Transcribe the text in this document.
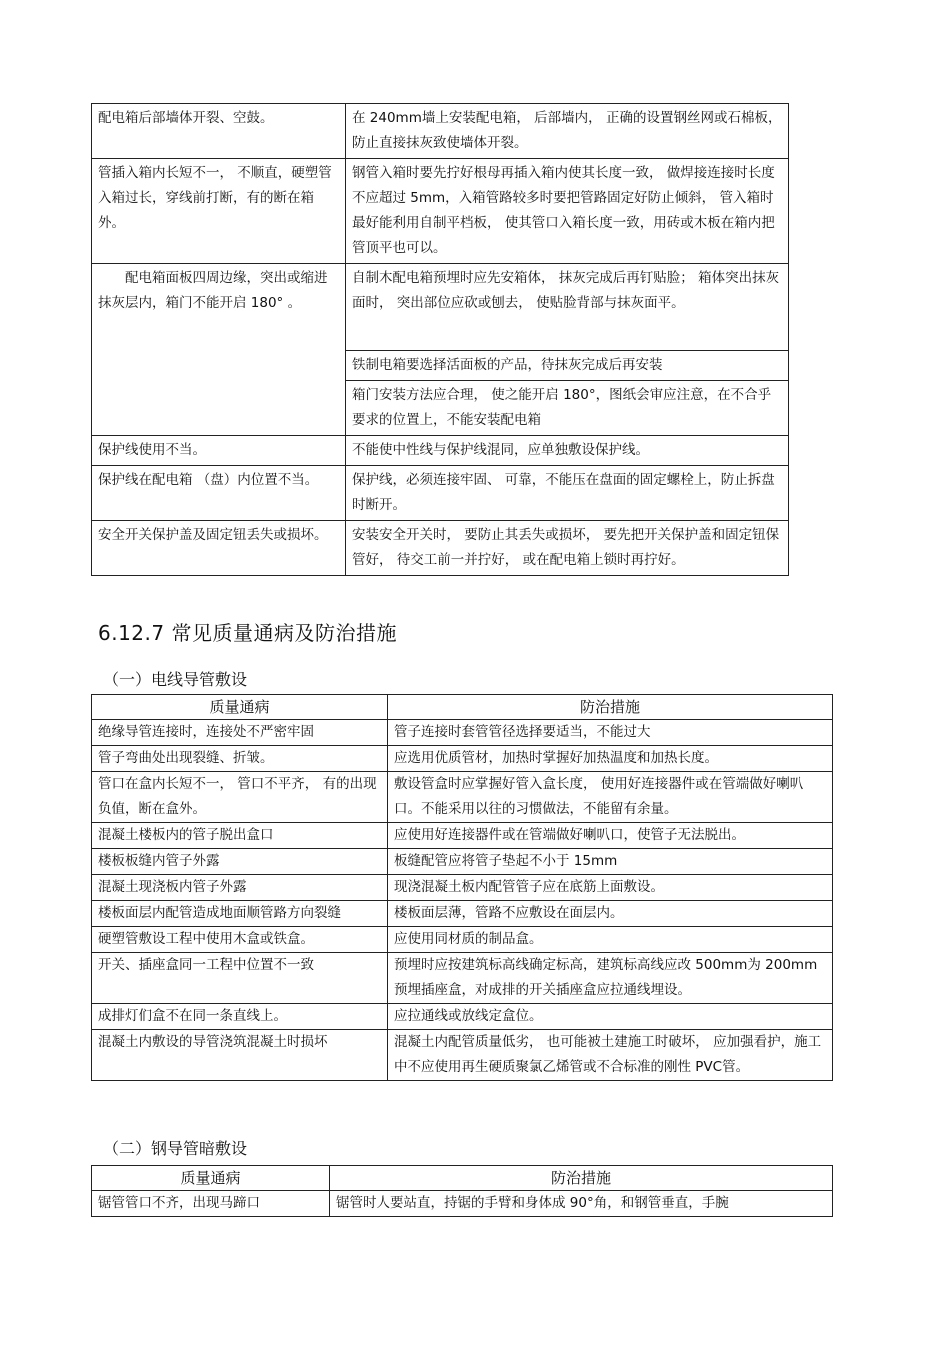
配电箱后部墙体开裂、空鼓。	在 240mm墙上安装配电箱， 后部墙内， 正确的设置钢丝网或石棉板，防止直接抹灰致使墙体开裂。
管插入箱内长短不一， 不顺直，硬塑管入箱过长，穿线前打断，有的断在箱外。	钢管入箱时要先拧好根母再插入箱内使其长度一致， 做焊接连接时长度不应超过 5mm，入箱管路较多时要把管路固定好防止倾斜， 管入箱时最好能利用自制平档板， 使其管口入箱长度一致，用砖或木板在箱内把管顶平也可以。
配电箱面板四周边缘，突出或缩进抹灰层内，箱门不能开启 180° 。	自制木配电箱预埋时应先安箱体， 抹灰完成后再钉贴脸； 箱体突出抹灰面时， 突出部位应砍或刨去， 使贴脸背部与抹灰面平。
	铁制电箱要选择活面板的产品，待抹灰完成后再安装
	箱门安装方法应合理， 使之能开启 180°，图纸会审应注意，在不合乎要求的位置上，不能安装配电箱
保护线使用不当。	不能使中性线与保护线混同，应单独敷设保护线。
保护线在配电箱 （盘）内位置不当。	保护线，必须连接牢固、 可靠，不能压在盘面的固定螺栓上，防止拆盘时断开。
安全开关保护盖及固定钮丢失或损坏。	安装安全开关时， 要防止其丢失或损坏， 要先把开关保护盖和固定钮保管好， 待交工前一并拧好， 或在配电箱上锁时再拧好。
6.12.7 常见质量通病及防治措施
（一）电线导管敷设
质量通病	防治措施
绝缘导管连接时，连接处不严密牢固	管子连接时套管管径选择要适当，不能过大
管子弯曲处出现裂缝、折皱。	应选用优质管材，加热时掌握好加热温度和加热长度。
管口在盒内长短不一， 管口不平齐， 有的出现负值，断在盒外。	敷设管盒时应掌握好管入盒长度， 使用好连接器件或在管端做好喇叭口。不能采用以往的习惯做法，不能留有余量。
混凝土楼板内的管子脱出盒口	应使用好连接器件或在管端做好喇叭口，使管子无法脱出。
楼板板缝内管子外露	板缝配管应将管子垫起不小于 15mm
混凝土现浇板内管子外露	现浇混凝土板内配管管子应在底筋上面敷设。
楼板面层内配管造成地面顺管路方向裂缝	楼板面层薄，管路不应敷设在面层内。
硬塑管敷设工程中使用木盒或铁盒。	应使用同材质的制品盒。
开关、插座盒同一工程中位置不一致	预埋时应按建筑标高线确定标高，建筑标高线应改 500mm为 200mm预埋插座盒，对成排的开关插座盒应拉通线埋设。
成排灯们盒不在同一条直线上。	应拉通线或放线定盒位。
混凝土内敷设的导管浇筑混凝土时损坏	混凝土内配管质量低劣， 也可能被土建施工时破坏， 应加强看护，施工中不应使用再生硬质聚氯乙烯管或不合标准的刚性 PVC管。
（二）钢导管暗敷设
质量通病	防治措施
锯管管口不齐，出现马蹄口	锯管时人要站直，持锯的手臂和身体成 90°角，和钢管垂直，手腕
